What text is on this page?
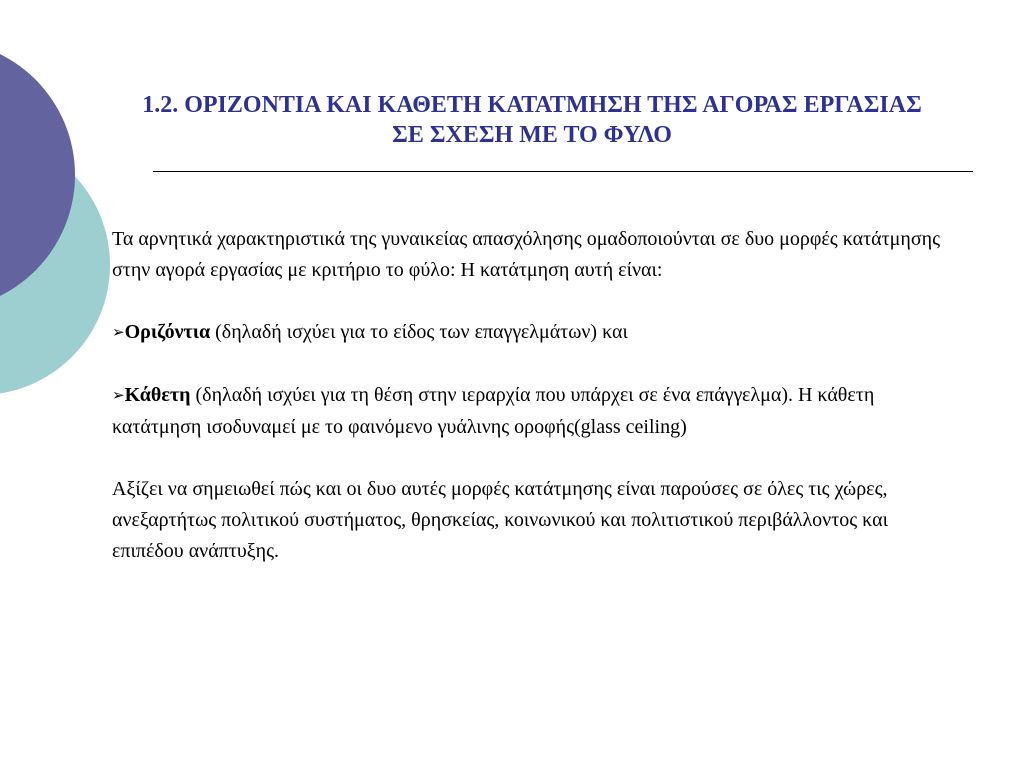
1.2. ΟΡΙΖΟΝΤΙΑ ΚΑΙ ΚΑΘΕΤΗ ΚΑΤΑΤΜΗΣΗ ΤΗΣ ΑΓΟΡΑΣ ΕΡΓΑΣΙΑΣ
ΣΕ ΣΧΕΣΗ ΜΕ ΤΟ ΦΥΛΟ

Τα αρνητικά χαρακτηριστικά της γυναικείας απασχόλησης ομαδοποιούνται σε δυο μορφές κατάτμησης στην αγορά εργασίας με κριτήριο το φύλο: Η κατάτμηση αυτή είναι:

➢Οριζόντια (δηλαδή ισχύει για το είδος των επαγγελμάτων) και

➢Κάθετη (δηλαδή ισχύει για τη θέση στην ιεραρχία που υπάρχει σε ένα επάγγελμα). Η κάθετη κατάτμηση ισοδυναμεί με το φαινόμενο γυάλινης οροφής(glass ceiling)

Αξίζει να σημειωθεί πώς και οι δυο αυτές μορφές κατάτμησης είναι παρούσες σε όλες τις χώρες, ανεξαρτήτως πολιτικού συστήματος, θρησκείας, κοινωνικού και πολιτιστικού περιβάλλοντος και επιπέδου ανάπτυξης.
